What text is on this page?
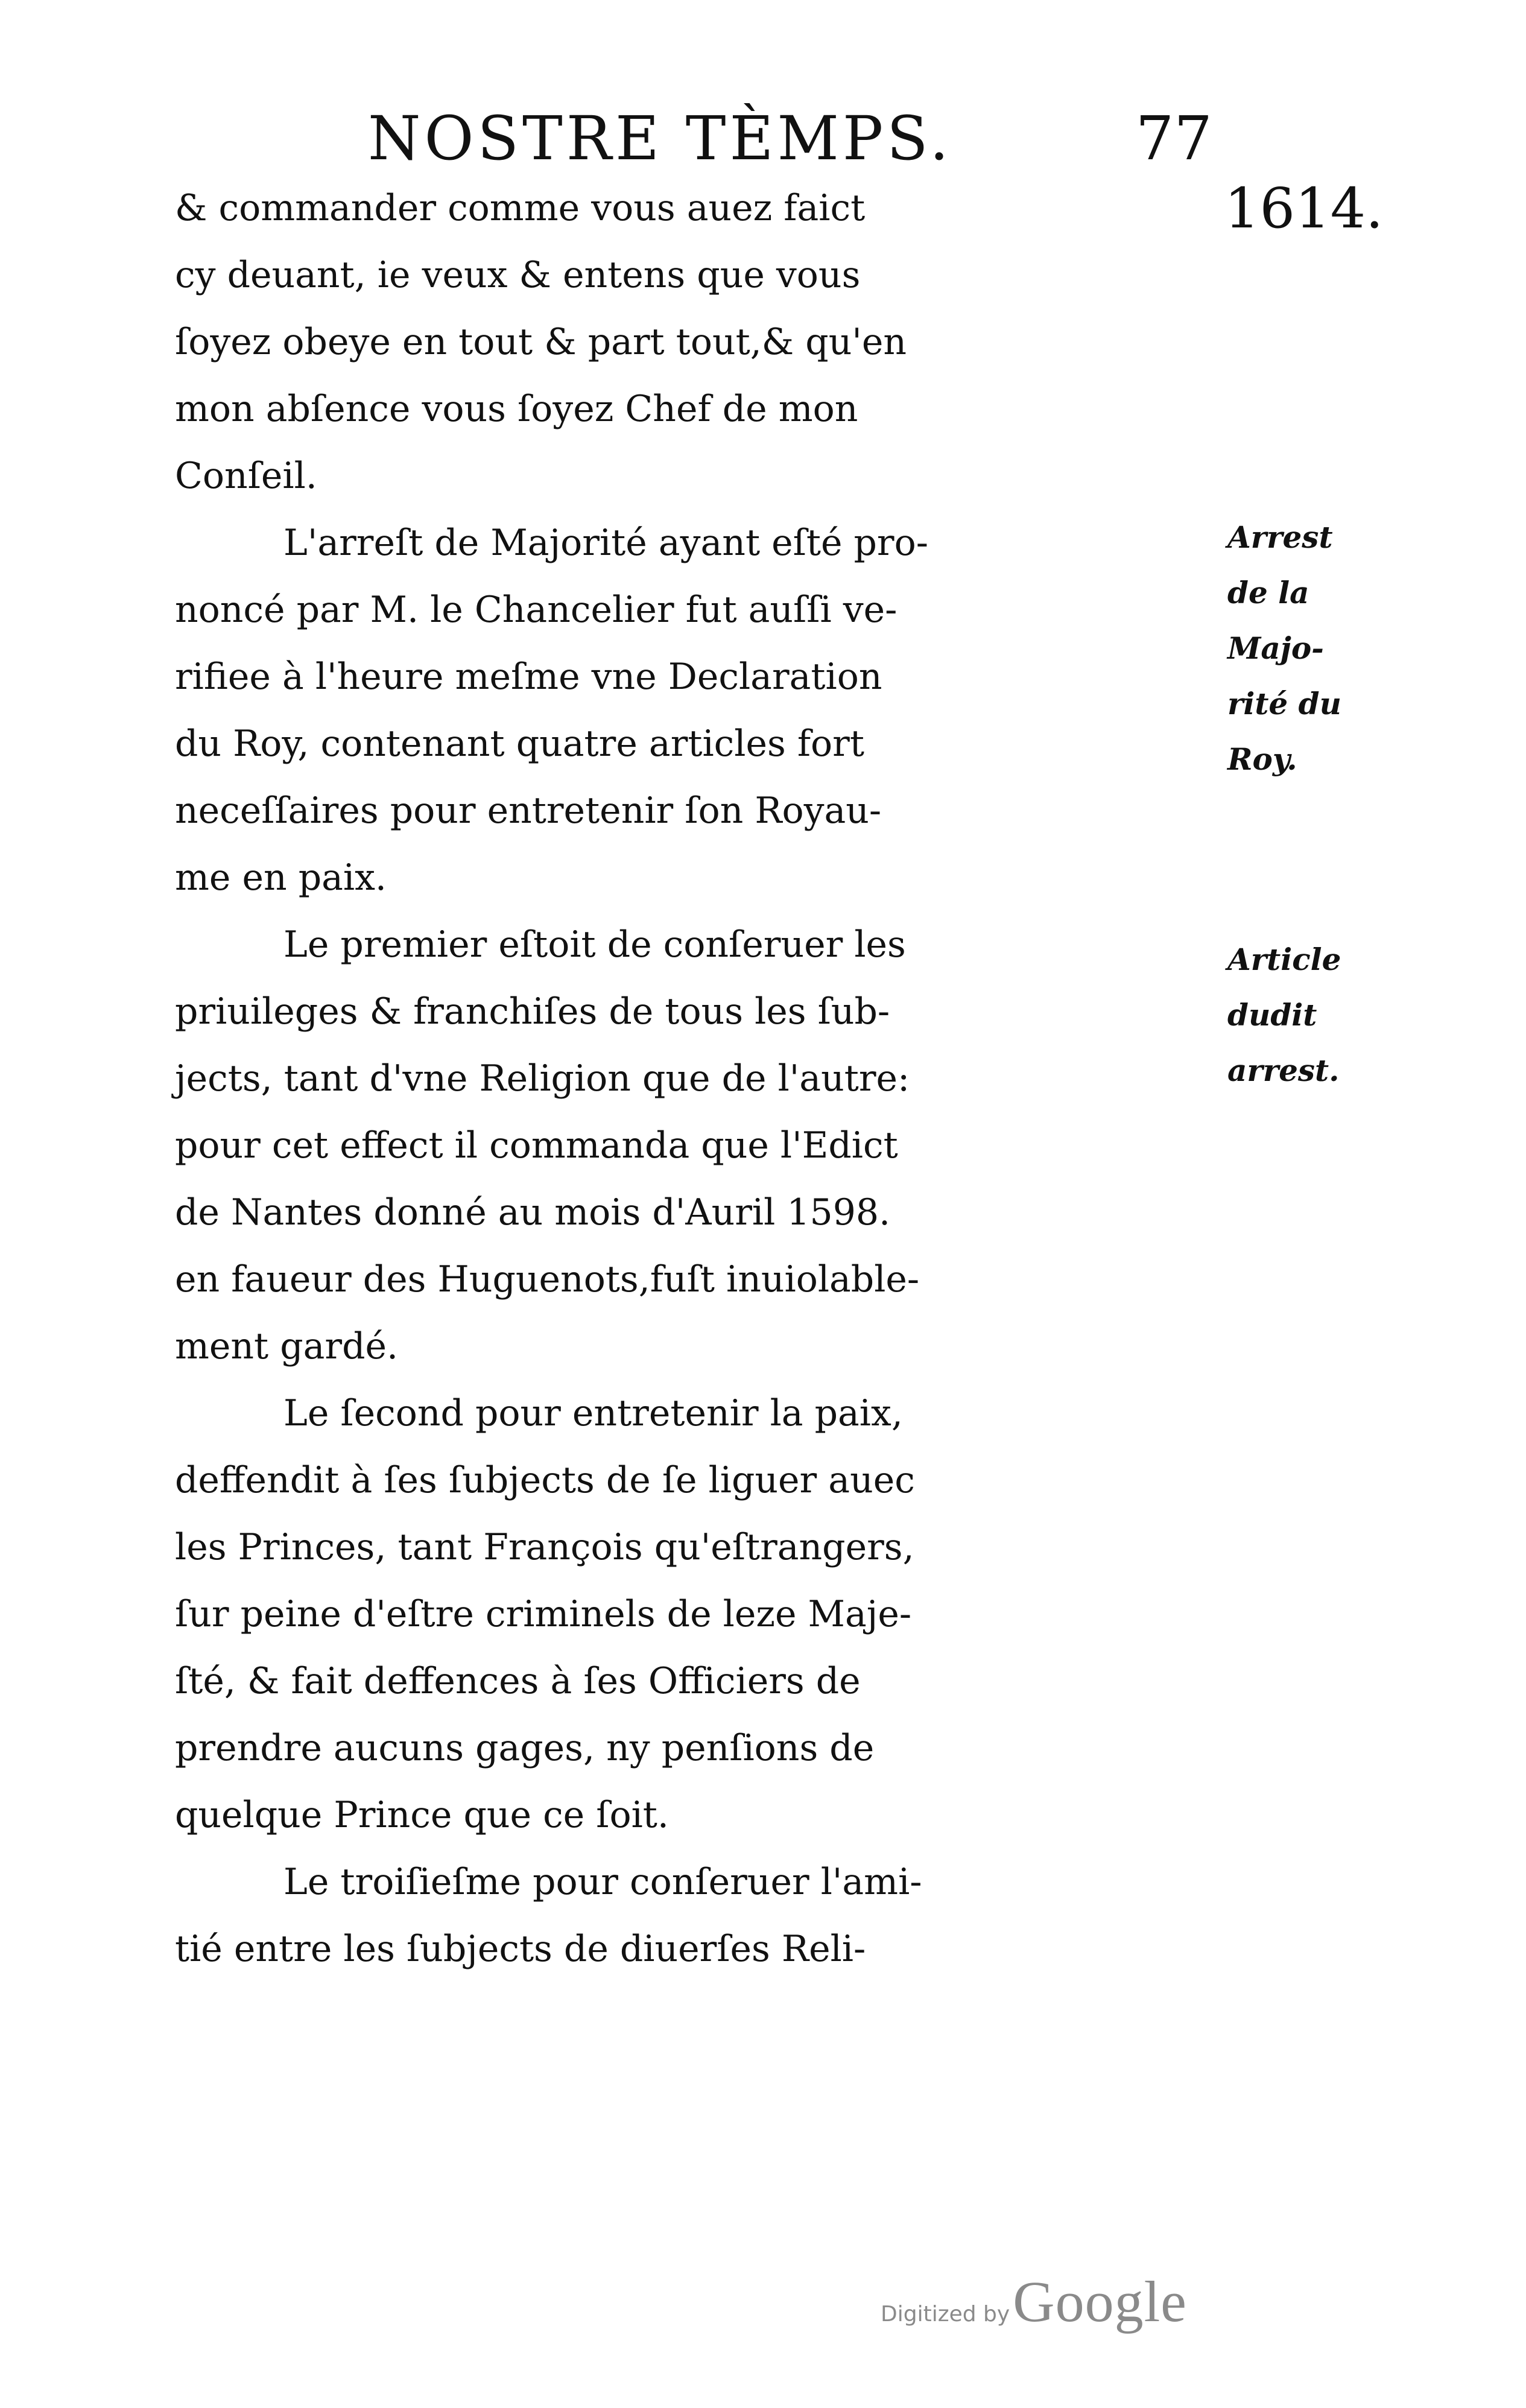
NOSTRE TÈMPS.	77
1614.
& commander comme vous auez faict
cy deuant, ie veux & entens que vous
ſoyez obeye en tout & part tout,& qu'en
mon abſence vous ſoyez Chef de mon
Conſeil.
L'arreſt de Majorité ayant eſté pro-
noncé par M. le Chancelier fut auſſi ve-
rifiee à l'heure meſme vne Declaration
du Roy, contenant quatre articles fort
neceſſaires pour entretenir ſon Royau-
me en paix.
Le premier eſtoit de conſeruer les
priuileges & franchiſes de tous les ſub-
jects, tant d'vne Religion que de l'autre:
pour cet effect il commanda que l'Edict
de Nantes donné au mois d'Auril 1598.
en faueur des Huguenots,fuſt inuiolable-
ment gardé.
Le ſecond pour entretenir la paix,
deffendit à ſes ſubjects de ſe liguer auec
les Princes, tant François qu'eſtrangers,
ſur peine d'eſtre criminels de leze Maje-
ſté, & fait deffences à ſes Officiers de
prendre aucuns gages, ny penſions de
quelque Prince que ce ſoit.
Le troiſieſme pour conſeruer l'ami-
tié entre les ſubjects de diuerſes Reli-
Arrest
de la
Majo-
rité du
Roy.
Article
dudit
arrest.
Digitized by Google
